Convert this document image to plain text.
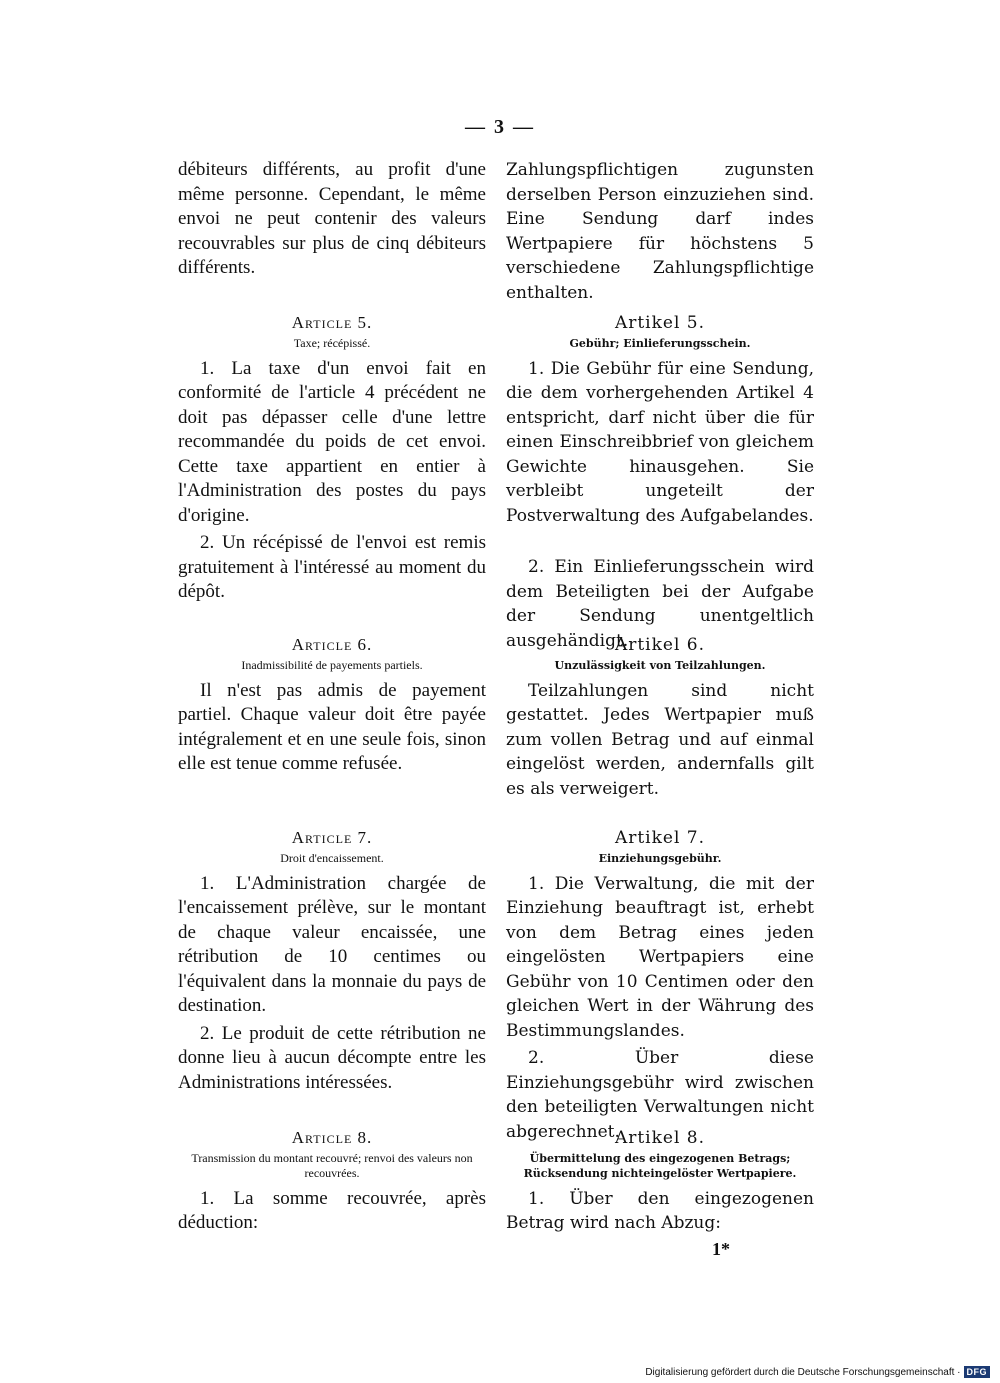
— 3 —

débiteurs différents, au profit d'une même personne. Cependant, le même envoi ne peut contenir des valeurs recouvrables sur plus de cinq débiteurs différents.

Article 5.
Taxe; récépissé.

1. La taxe d'un envoi fait en conformité de l'article 4 précédent ne doit pas dépasser celle d'une lettre recommandée du poids de cet envoi. Cette taxe appartient en entier à l'Administration des postes du pays d'origine.

2. Un récépissé de l'envoi est remis gratuitement à l'intéressé au moment du dépôt.

Article 6.
Inadmissibilité de payements partiels.

Il n'est pas admis de payement partiel. Chaque valeur doit être payée intégralement et en une seule fois, sinon elle est tenue comme refusée.

Article 7.
Droit d'encaissement.

1. L'Administration chargée de l'encaissement prélève, sur le montant de chaque valeur encaissée, une rétribution de 10 centimes ou l'équivalent dans la monnaie du pays de destination.

2. Le produit de cette rétribution ne donne lieu à aucun décompte entre les Administrations intéressées.

Article 8.
Transmission du montant recouvré; renvoi des valeurs non recouvrées.

1. La somme recouvrée, après déduction:

Zahlungspflichtigen zugunsten derselben Person einzuziehen sind. Eine Sendung darf indes Wertpapiere für höchstens 5 verschiedene Zahlungspflichtige enthalten.

Artikel 5.
Gebühr; Einlieferungsschein.

1. Die Gebühr für eine Sendung, die dem vorhergehenden Artikel 4 entspricht, darf nicht über die für einen Einschreibbrief von gleichem Gewichte hinausgehen. Sie verbleibt ungeteilt der Postverwaltung des Aufgabelandes.

2. Ein Einlieferungsschein wird dem Beteiligten bei der Aufgabe der Sendung unentgeltlich ausgehändigt.

Artikel 6.
Unzulässigkeit von Teilzahlungen.

Teilzahlungen sind nicht gestattet. Jedes Wertpapier muß zum vollen Betrag und auf einmal eingelöst werden, andernfalls gilt es als verweigert.

Artikel 7.
Einziehungsgebühr.

1. Die Verwaltung, die mit der Einziehung beauftragt ist, erhebt von dem Betrag eines jeden eingelösten Wertpapiers eine Gebühr von 10 Centimen oder den gleichen Wert in der Währung des Bestimmungslandes.

2. Über diese Einziehungsgebühr wird zwischen den beteiligten Verwaltungen nicht abgerechnet.

Artikel 8.
Übermittelung des eingezogenen Betrags; Rücksendung nichteingelöster Wertpapiere.

1. Über den eingezogenen Betrag wird nach Abzug:

1*
Digitalisierung gefördert durch die Deutsche Forschungsgemeinschaft · DFG
